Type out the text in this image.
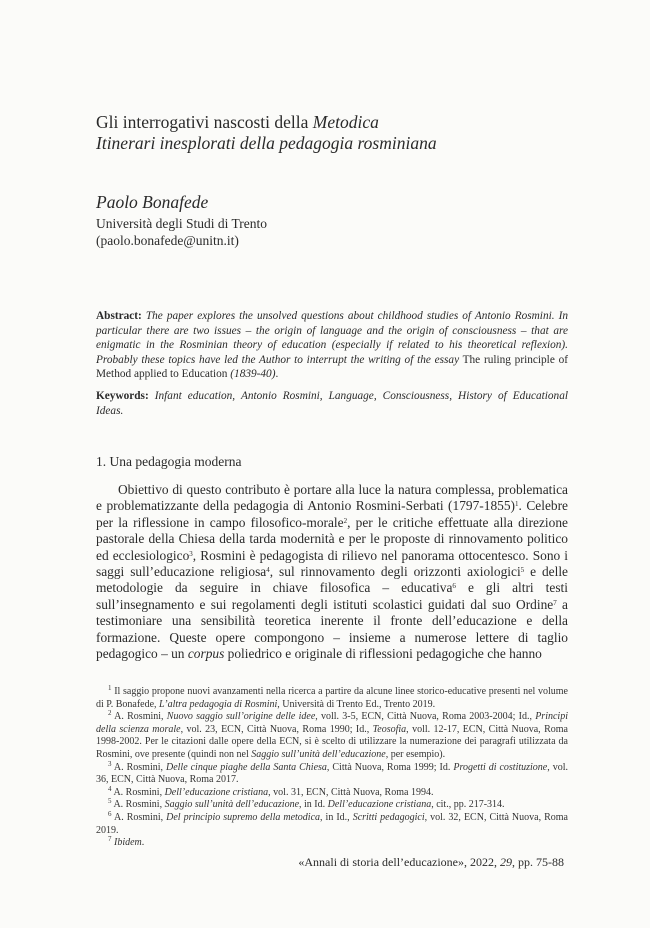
Gli interrogativi nascosti della Metodica
Itinerari inesplorati della pedagogia rosminiana

Paolo Bonafede

Università degli Studi di Trento

(paolo.bonafede@unitn.it)

Abstract: The paper explores the unsolved questions about childhood studies of Antonio Rosmini. In particular there are two issues – the origin of language and the origin of consciousness – that are enigmatic in the Rosminian theory of education (especially if related to his theoretical reflexion). Probably these topics have led the Author to interrupt the writing of the essay The ruling principle of Method applied to Education (1839-40).
Keywords: Infant education, Antonio Rosmini, Language, Consciousness, History of Educational Ideas.
1. Una pedagogia moderna

Obiettivo di questo contributo è portare alla luce la natura complessa, problematica e problematizzante della pedagogia di Antonio Rosmini-Serbati (1797-1855)$^1$. Celebre per la riflessione in campo filosofico-morale$^2$, per le critiche effettuate alla direzione pastorale della Chiesa della tarda modernità e per le proposte di rinnovamento politico ed ecclesiologico$^3$, Rosmini è pedagogista di rilievo nel panorama ottocentesco. Sono i saggi sull’educazione religiosa$^4$, sul rinnovamento degli orizzonti axiologici$^5$ e delle metodologie da seguire in chiave filosofica – educativa$^6$ e gli altri testi sull’insegnamento e sui regolamenti degli istituti scolastici guidati dal suo Ordine$^7$ a testimoniare una sensibilità teoretica inerente il fronte dell’educazione e della formazione. Queste opere compongono – insieme a numerose lettere di taglio pedagogico – un corpus poliedrico e originale di riflessioni pedagogiche che hanno

$^1$ Il saggio propone nuovi avanzamenti nella ricerca a partire da alcune linee storico-educative presenti nel volume di P. Bonafede, L’altra pedagogia di Rosmini, Università di Trento Ed., Trento 2019.

$^2$ A. Rosmini, Nuovo saggio sull’origine delle idee, voll. 3-5, ECN, Città Nuova, Roma 2003-2004; Id., Principi della scienza morale, vol. 23, ECN, Città Nuova, Roma 1990; Id., Teosofia, voll. 12-17, ECN, Città Nuova, Roma 1998-2002. Per le citazioni dalle opere della ECN, si è scelto di utilizzare la numerazione dei paragrafi utilizzata da Rosmini, ove presente (quindi non nel Saggio sull’unità dell’educazione, per esempio).

$^3$ A. Rosmini, Delle cinque piaghe della Santa Chiesa, Città Nuova, Roma 1999; Id. Progetti di costituzione, vol. 36, ECN, Città Nuova, Roma 2017.

$^4$ A. Rosmini, Dell’educazione cristiana, vol. 31, ECN, Città Nuova, Roma 1994.

$^5$ A. Rosmini, Saggio sull’unità dell’educazione, in Id. Dell’educazione cristiana, cit., pp. 217-314.

$^6$ A. Rosmini, Del principio supremo della metodica, in Id., Scritti pedagogici, vol. 32, ECN, Città Nuova, Roma 2019.

$^7$ Ibidem.

«Annali di storia dell’educazione», 2022, 29, pp. 75-88
